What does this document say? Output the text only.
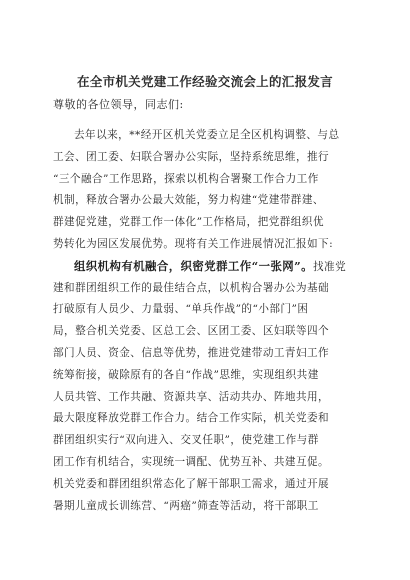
在全市机关党建工作经验交流会上的汇报发言
尊敬的各位领导，同志们:
去年以来，**经开区机关党委立足全区机构调整、与总
工会、团工委、妇联合署办公实际，坚持系统思维，推行
“三个融合”工作思路，探索以机构合署聚工作合力工作
机制，释放合署办公最大效能，努力构建“党建带群建、
群建促党建，党群工作一体化”工作格局，把党群组织优
势转化为园区发展优势。现将有关工作进展情况汇报如下:
组织机构有机融合，织密党群工作“一张网”。找准党
建和群团组织工作的最佳结合点，以机构合署办公为基础
打破原有人员少、力量弱、“单兵作战”的“小部门”困
局，整合机关党委、区总工会、区团工委、区妇联等四个
部门人员、资金、信息等优势，推进党建带动工青妇工作
统筹衔接，破除原有的各自“作战”思维，实现组织共建
人员共管、工作共融、资源共享、活动共办、阵地共用，
最大限度释放党群工作合力。结合工作实际，机关党委和
群团组织实行“双向进入、交叉任职”，使党建工作与群
团工作有机结合，实现统一调配、优势互补、共建互促。
机关党委和群团组织常态化了解干部职工需求，通过开展
暑期儿童成长训练营、“两癌”筛查等活动，将干部职工
